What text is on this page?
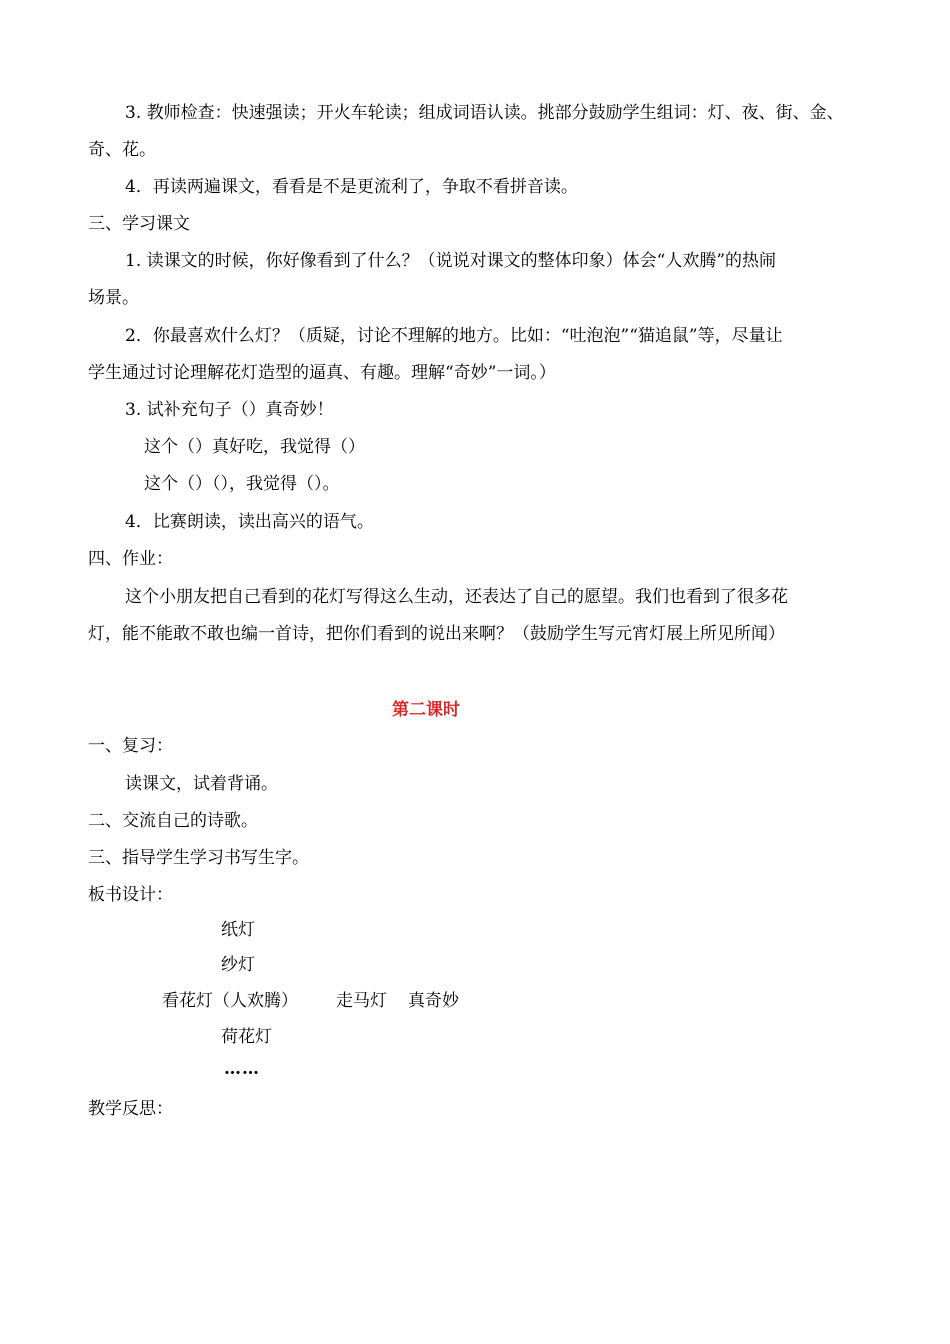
3. 教师检查：快速强读；开火车轮读；组成词语认读。挑部分鼓励学生组词：灯、夜、街、金、
奇、花。
4．再读两遍课文，看看是不是更流利了，争取不看拼音读。
三、学习课文
1. 读课文的时候，你好像看到了什么？（说说对课文的整体印象）体会“人欢腾”的热闹
场景。
2．你最喜欢什么灯？（质疑，讨论不理解的地方。比如：“吐泡泡”“猫追鼠”等，尽量让
学生通过讨论理解花灯造型的逼真、有趣。理解“奇妙”一词。）
3. 试补充句子（）真奇妙！
这个（）真好吃，我觉得（）
这个（）（），我觉得（）。
4．比赛朗读，读出高兴的语气。
四、作业：
这个小朋友把自己看到的花灯写得这么生动，还表达了自己的愿望。我们也看到了很多花
灯，能不能敢不敢也编一首诗，把你们看到的说出来啊？（鼓励学生写元宵灯展上所见所闻）
第二课时
一、复习：
读课文，试着背诵。
二、交流自己的诗歌。
三、指导学生学习书写生字。
板书设计：
纸灯
纱灯
看花灯（人欢腾） 走马灯 真奇妙
荷花灯
……
教学反思：
